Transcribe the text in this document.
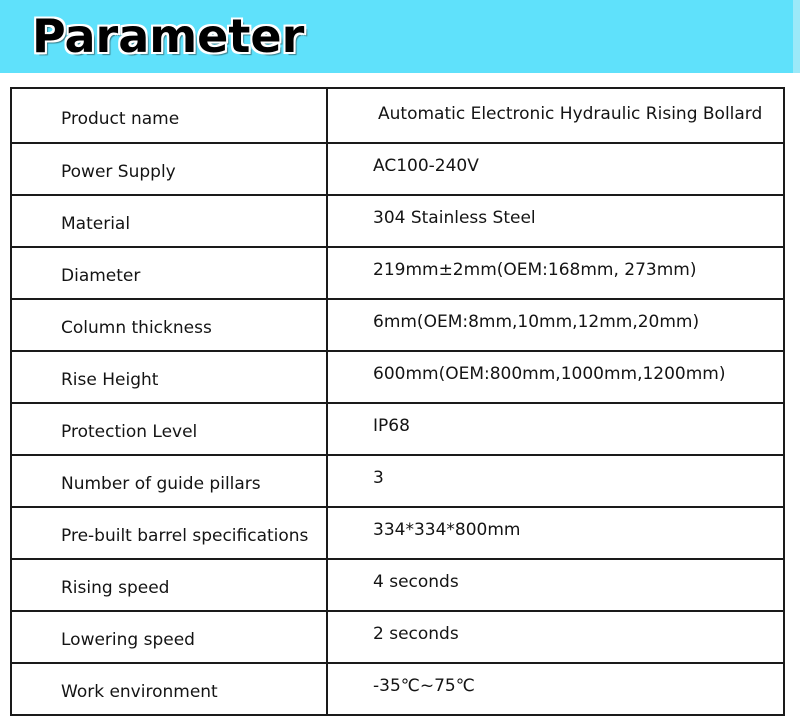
Parameter
Product name	Automatic Electronic Hydraulic Rising Bollard
Power Supply	AC100-240V
Material	304 Stainless Steel
Diameter	219mm±2mm(OEM:168mm, 273mm)
Column thickness	6mm(OEM:8mm,10mm,12mm,20mm)
Rise Height	600mm(OEM:800mm,1000mm,1200mm)
Protection Level	IP68
Number of guide pillars	3
Pre-built barrel specifications	334*334*800mm
Rising speed	4 seconds
Lowering speed	2 seconds
Work environment	-35℃~75℃
